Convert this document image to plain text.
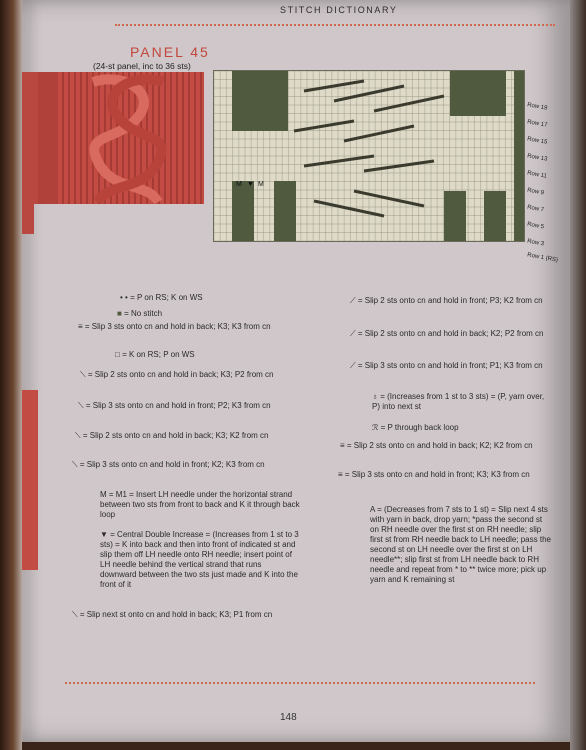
STITCH DICTIONARY
PANEL 45
(24-st panel, inc to 36 sts)
M ▼ M
Row 19
Row 17
Row 15
Row 13
Row 11
Row 9
Row 7
Row 5
Row 3
Row 1 (RS)
• • = P on RS; K on WS
■ = No stitch
≡ = Slip 3 sts onto cn and hold in back; K3; K3 from cn
□ = K on RS; P on WS
⟍ = Slip 2 sts onto cn and hold in back; K3; P2 from cn
⟍ = Slip 3 sts onto cn and hold in front; P2; K3 from cn
⟍ = Slip 2 sts onto cn and hold in back; K3; K2 from cn
⟍ = Slip 3 sts onto cn and hold in front; K2; K3 from cn
M = M1 = Insert LH needle under the horizontal strand between two sts from front to back and K it through back loop
▼ = Central Double Increase = (Increases from 1 st to 3 sts) = K into back and then into front of indicated st and slip them off LH needle onto RH needle; insert point of LH needle behind the vertical strand that runs downward between the two sts just made and K into the front of it
⟍ = Slip next st onto cn and hold in back; K3; P1 from cn
⟋ = Slip 2 sts onto cn and hold in front; P3; K2 from cn
⟋ = Slip 2 sts onto cn and hold in back; K2; P2 from cn
⟋ = Slip 3 sts onto cn and hold in front; P1; K3 from cn
♁ = (Increases from 1 st to 3 sts) = (P, yarn over, P) into next st
ℛ = P through back loop
≡ = Slip 2 sts onto cn and hold in back; K2; K2 from cn
≡ = Slip 3 sts onto cn and hold in front; K3; K3 from cn
A = (Decreases from 7 sts to 1 st) = Slip next 4 sts with yarn in back, drop yarn; *pass the second st on RH needle over the first st on RH needle; slip first st from RH needle back to LH needle; pass the second st on LH needle over the first st on LH needle**; slip first st from LH needle back to RH needle and repeat from * to ** twice more; pick up yarn and K remaining st
148
